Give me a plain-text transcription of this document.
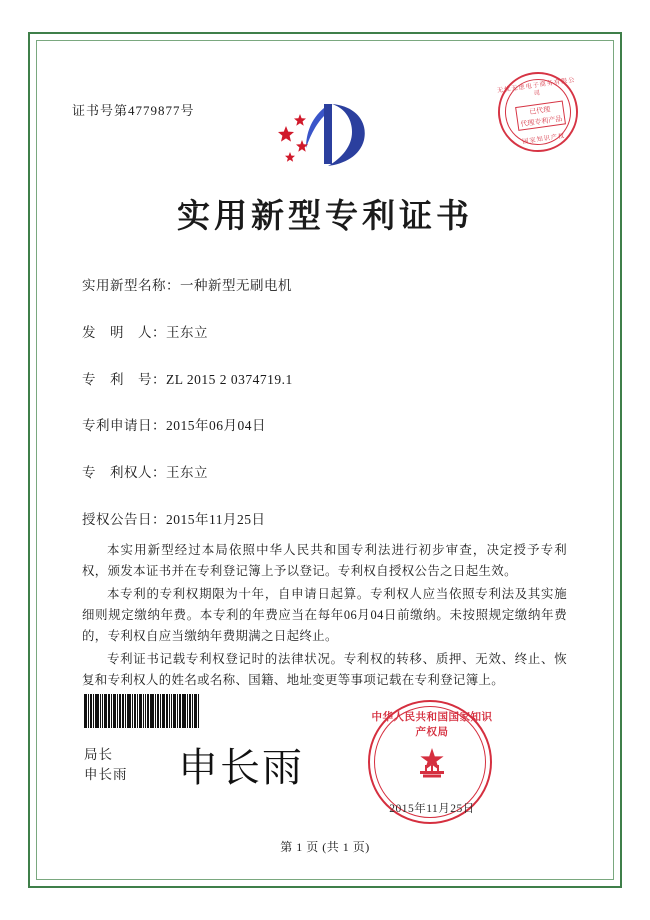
无忧无虑电子商务有限公司
已代理
代理专利产品
国家知识产权
证书号第4779877号
实用新型专利证书
实用新型名称：一种新型无刷电机
发　明　人：王东立
专　利　号：ZL 2015 2 0374719.1
专利申请日：2015年06月04日
专　利权人：王东立
授权公告日：2015年11月25日

本实用新型经过本局依照中华人民共和国专利法进行初步审查，决定授予专利权，颁发本证书并在专利登记簿上予以登记。专利权自授权公告之日起生效。

本专利的专利权期限为十年，自申请日起算。专利权人应当依照专利法及其实施细则规定缴纳年费。本专利的年费应当在每年06月04日前缴纳。未按照规定缴纳年费的，专利权自应当缴纳年费期满之日起终止。

专利证书记载专利权登记时的法律状况。专利权的转移、质押、无效、终止、恢复和专利权人的姓名或名称、国籍、地址变更等事项记载在专利登记簿上。

局长
申长雨 申长雨
中华人民共和国国家知识产权局
2015年11月25日
第 1 页 (共 1 页)
